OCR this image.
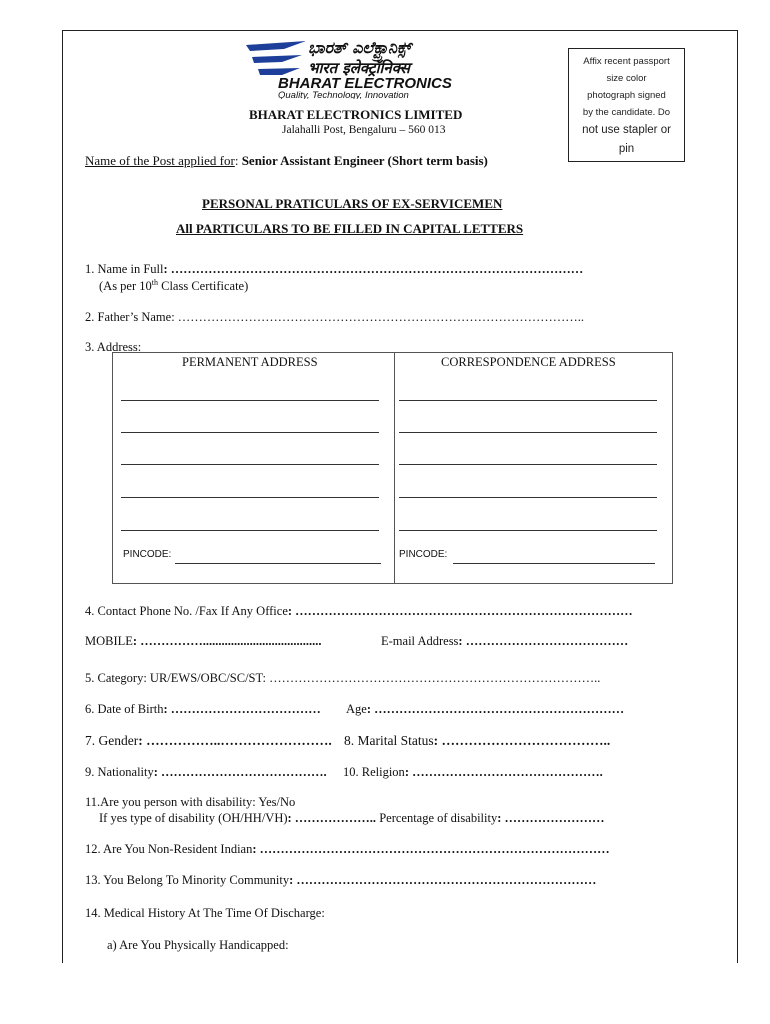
ಭಾರತ್ ಎಲೆಕ್ಟ್ರಾನಿಕ್ಸ್
भारत इलेक्ट्रॉनिक्स
BHARAT ELECTRONICS
Quality, Technology, Innovation
Affix recent passport
size color
photograph signed
by the candidate. Do
not use stapler or
pin
BHARAT ELECTRONICS LIMITED
Jalahalli Post, Bengaluru – 560 013
Name of the Post applied for: Senior Assistant Engineer (Short term basis)
PERSONAL PRATICULARS OF EX-SERVICEMEN
All PARTICULARS TO BE FILLED IN CAPITAL LETTERS
1. Name in Full: ………………………………………………………………………………………
(As per 10th Class Certificate)
2. Father’s Name: ……………………………………………………………………………………..
3. Address:
PERMANENT ADDRESS	CORRESPONDENCE ADDRESS
PINCODE:	PINCODE:
4. Contact Phone No. /Fax If Any Office: ………………………………………………………………………
MOBILE: ……………......................................	E-mail Address: …………………………………
5. Category: UR/EWS/OBC/SC/ST: ……………………………………………………………………..
6. Date of Birth: ……………………………… Age: ……………………………………………………
7. Gender: ……………..……………………. 8. Marital Status: ………………………………..
9. Nationality: …………………………………. 10. Religion: ……………………………………….
11.Are you person with disability: Yes/No
If yes type of disability (OH/HH/VH): ……………….. Percentage of disability: ……………………
12. Are You Non-Resident Indian: …………………………………………………………………………
13. You Belong To Minority Community: ………………………………………………………………
14. Medical History At The Time Of Discharge:
a) Are You Physically Handicapped:
